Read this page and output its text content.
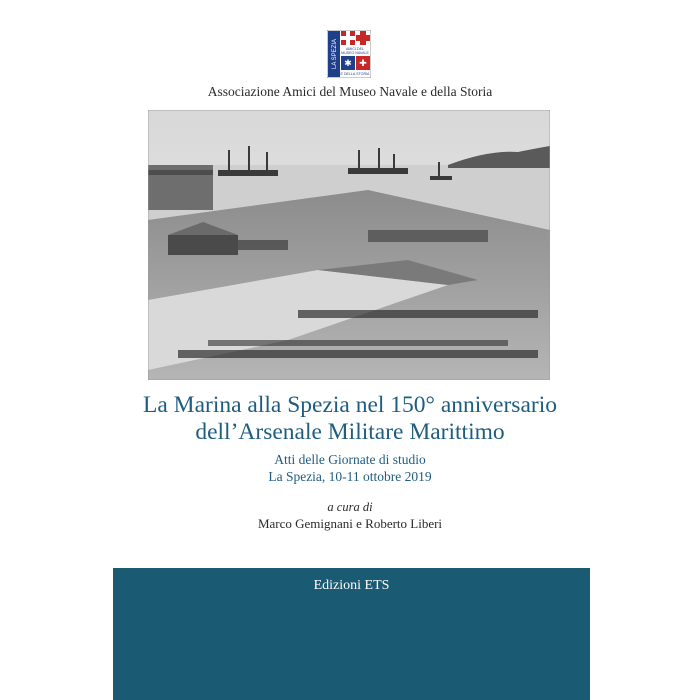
LA SPEZIA AMICI DEL
MUSEO NAVALE
✱ ✚
E DELLA STORIA
Associazione Amici del Museo Navale e della Storia
La Marina alla Spezia nel 150° anniversario
dell’Arsenale Militare Marittimo
Atti delle Giornate di studio
La Spezia, 10-11 ottobre 2019
a cura di
Marco Gemignani e Roberto Liberi
Edizioni ETS
